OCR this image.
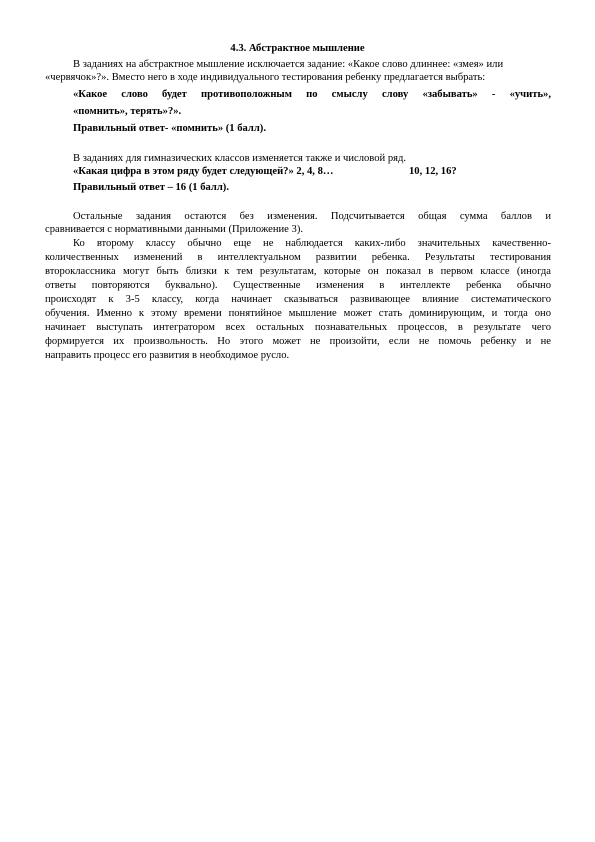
4.3. Абстрактное мышление
В заданиях на абстрактное мышление исключается задание: «Какое слово длиннее: «змея» или
«червячок»?». Вместо него в ходе индивидуального тестирования ребенку предлагается выбрать:
«Какое слово будет противоположным по смыслу слову «забывать» - «учить»,
«помнить», терять»?».
Правильный ответ- «помнить» (1 балл).
В заданиях для гимназических классов изменяется также и числовой ряд.
«Какая цифра в этом ряду будет следующей?» 2, 4, 8…	10, 12, 16?
Правильный ответ – 16 (1 балл).
Остальные задания остаются без изменения. Подсчитывается общая сумма баллов и
сравнивается с нормативными данными (Приложение 3).
Ко второму классу обычно еще не наблюдается каких-либо значительных качественно-
количественных изменений в интеллектуальном развитии ребенка. Результаты тестирования
второклассника могут быть близки к тем результатам, которые он показал в первом классе (иногда
ответы повторяются буквально). Существенные изменения в интеллекте ребенка обычно
происходят к 3-5 классу, когда начинает сказываться развивающее влияние систематического
обучения. Именно к этому времени понятийное мышление может стать доминирующим, и тогда оно
начинает выступать интегратором всех остальных познавательных процессов, в результате чего
формируется их произвольность. Но этого может не произойти, если не помочь ребенку и не
направить процесс его развития в необходимое русло.
